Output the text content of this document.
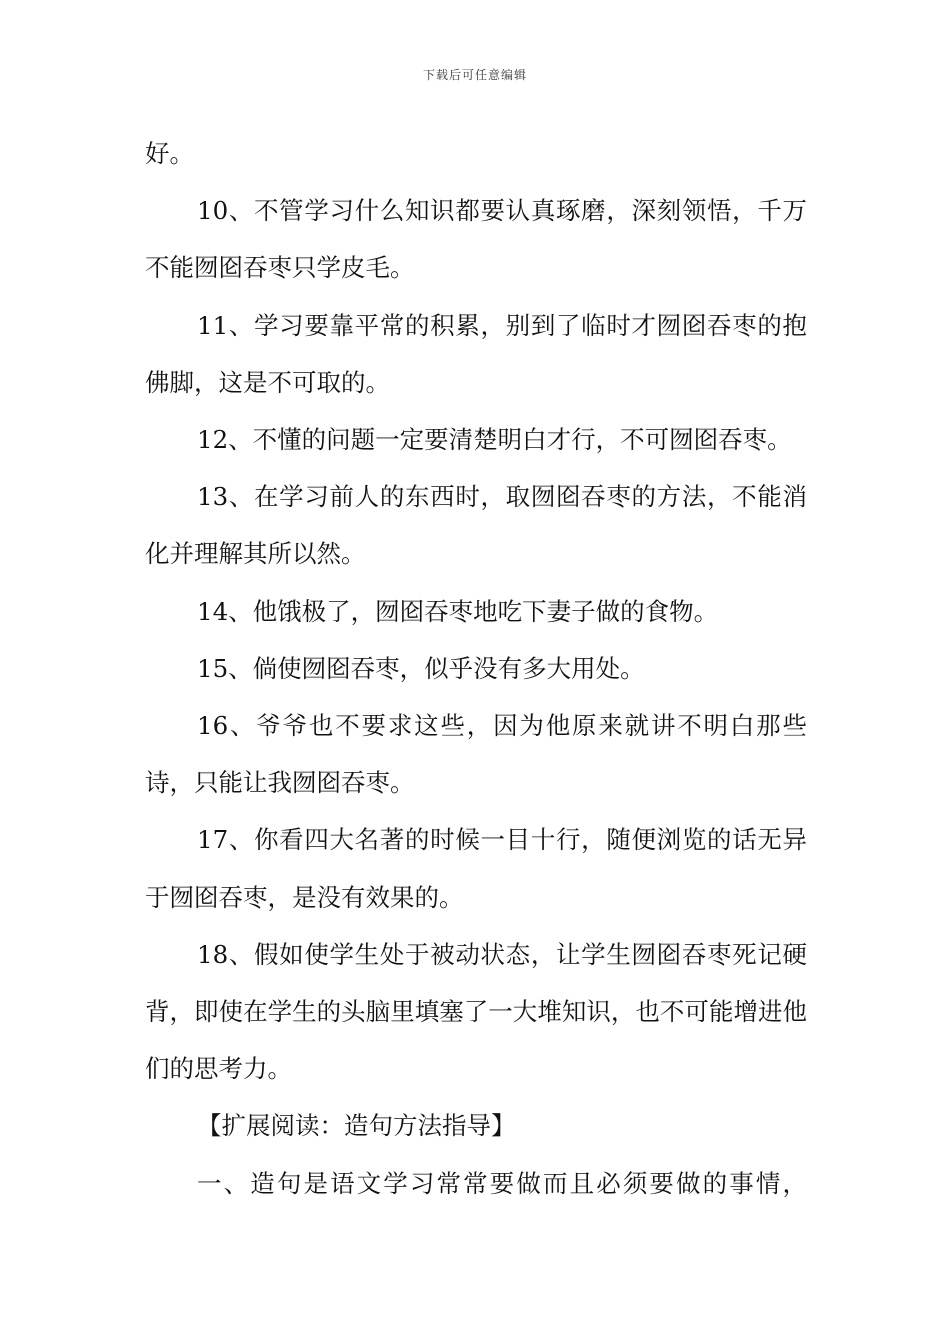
下载后可任意编辑

好。

10、不管学习什么知识都要认真琢磨，深刻领悟，千万不能囫囵吞枣只学皮毛。

11、学习要靠平常的积累，别到了临时才囫囵吞枣的抱佛脚，这是不可取的。

12、不懂的问题一定要清楚明白才行，不可囫囵吞枣。

13、在学习前人的东西时，取囫囵吞枣的方法，不能消化并理解其所以然。

14、他饿极了，囫囵吞枣地吃下妻子做的食物。

15、倘使囫囵吞枣，似乎没有多大用处。

16、爷爷也不要求这些，因为他原来就讲不明白那些诗，只能让我囫囵吞枣。

17、你看四大名著的时候一目十行，随便浏览的话无异于囫囵吞枣，是没有效果的。

18、假如使学生处于被动状态，让学生囫囵吞枣死记硬背，即使在学生的头脑里填塞了一大堆知识，也不可能增进他们的思考力。

【扩展阅读：造句方法指导】

一、造句是语文学习常常要做而且必须要做的事情，
